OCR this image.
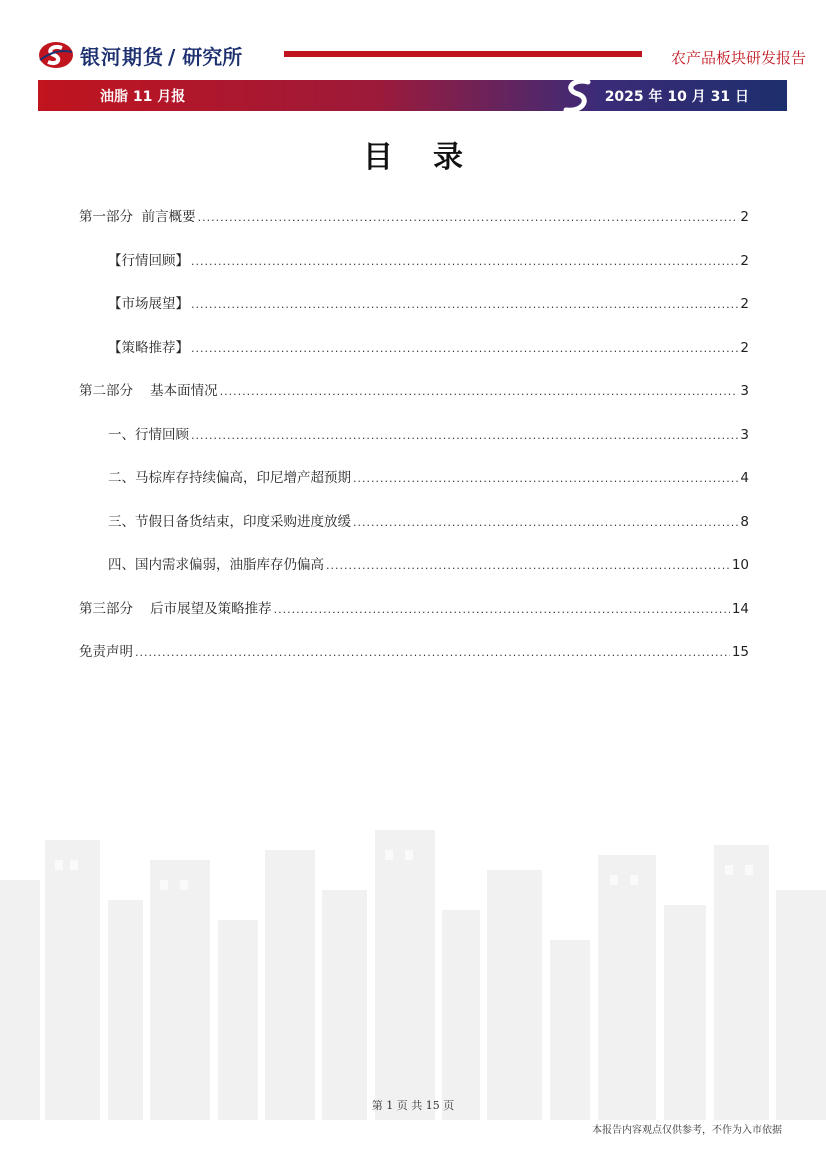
银河期货 / 研究所	农产品板块研发报告
油脂 11 月报	2025 年 10 月 31 日
目录
第一部分  前言概要 .....	2
【行情回顾】 .....	2
【市场展望】 .....	2
【策略推荐】 .....	2
第二部分    基本面情况 .....	3
一、行情回顾 .....	3
二、马棕库存持续偏高，印尼增产超预期 .....	4
三、节假日备货结束，印度采购进度放缓 .....	8
四、国内需求偏弱，油脂库存仍偏高 .....	10
第三部分    后市展望及策略推荐 .....	14
免责声明 .....	15
第 1 页 共 15 页
本报告内容观点仅供参考，不作为入市依据
